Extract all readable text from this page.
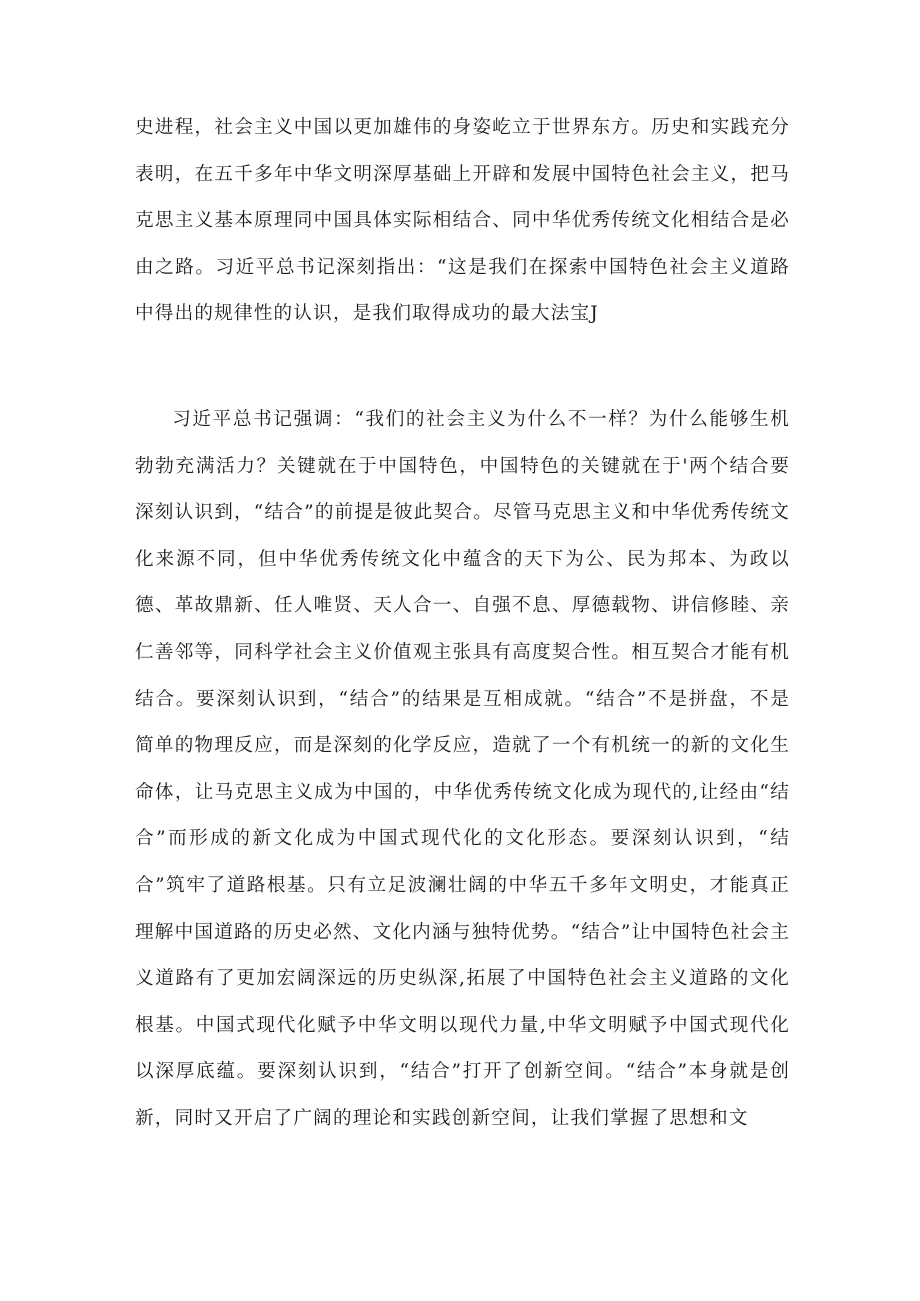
史进程，社会主义中国以更加雄伟的身姿屹立于世界东方。历史和实践充分表明，在五千多年中华文明深厚基础上开辟和发展中国特色社会主义，把马克思主义基本原理同中国具体实际相结合、同中华优秀传统文化相结合是必由之路。习近平总书记深刻指出：“这是我们在探索中国特色社会主义道路中得出的规律性的认识，是我们取得成功的最大法宝J

习近平总书记强调：“我们的社会主义为什么不一样？为什么能够生机勃勃充满活力？关键就在于中国特色，中国特色的关键就在于'两个结合要深刻认识到，“结合”的前提是彼此契合。尽管马克思主义和中华优秀传统文化来源不同，但中华优秀传统文化中蕴含的天下为公、民为邦本、为政以德、革故鼎新、任人唯贤、天人合一、自强不息、厚德载物、讲信修睦、亲仁善邻等，同科学社会主义价值观主张具有高度契合性。相互契合才能有机结合。要深刻认识到，“结合”的结果是互相成就。“结合”不是拼盘，不是简单的物理反应，而是深刻的化学反应，造就了一个有机统一的新的文化生命体，让马克思主义成为中国的，中华优秀传统文化成为现代的,让经由“结合”而形成的新文化成为中国式现代化的文化形态。要深刻认识到，“结合”筑牢了道路根基。只有立足波澜壮阔的中华五千多年文明史，才能真正理解中国道路的历史必然、文化内涵与独特优势。“结合”让中国特色社会主义道路有了更加宏阔深远的历史纵深,拓展了中国特色社会主义道路的文化根基。中国式现代化赋予中华文明以现代力量,中华文明赋予中国式现代化以深厚底蕴。要深刻认识到，“结合”打开了创新空间。“结合”本身就是创新，同时又开启了广阔的理论和实践创新空间，让我们掌握了思想和文
